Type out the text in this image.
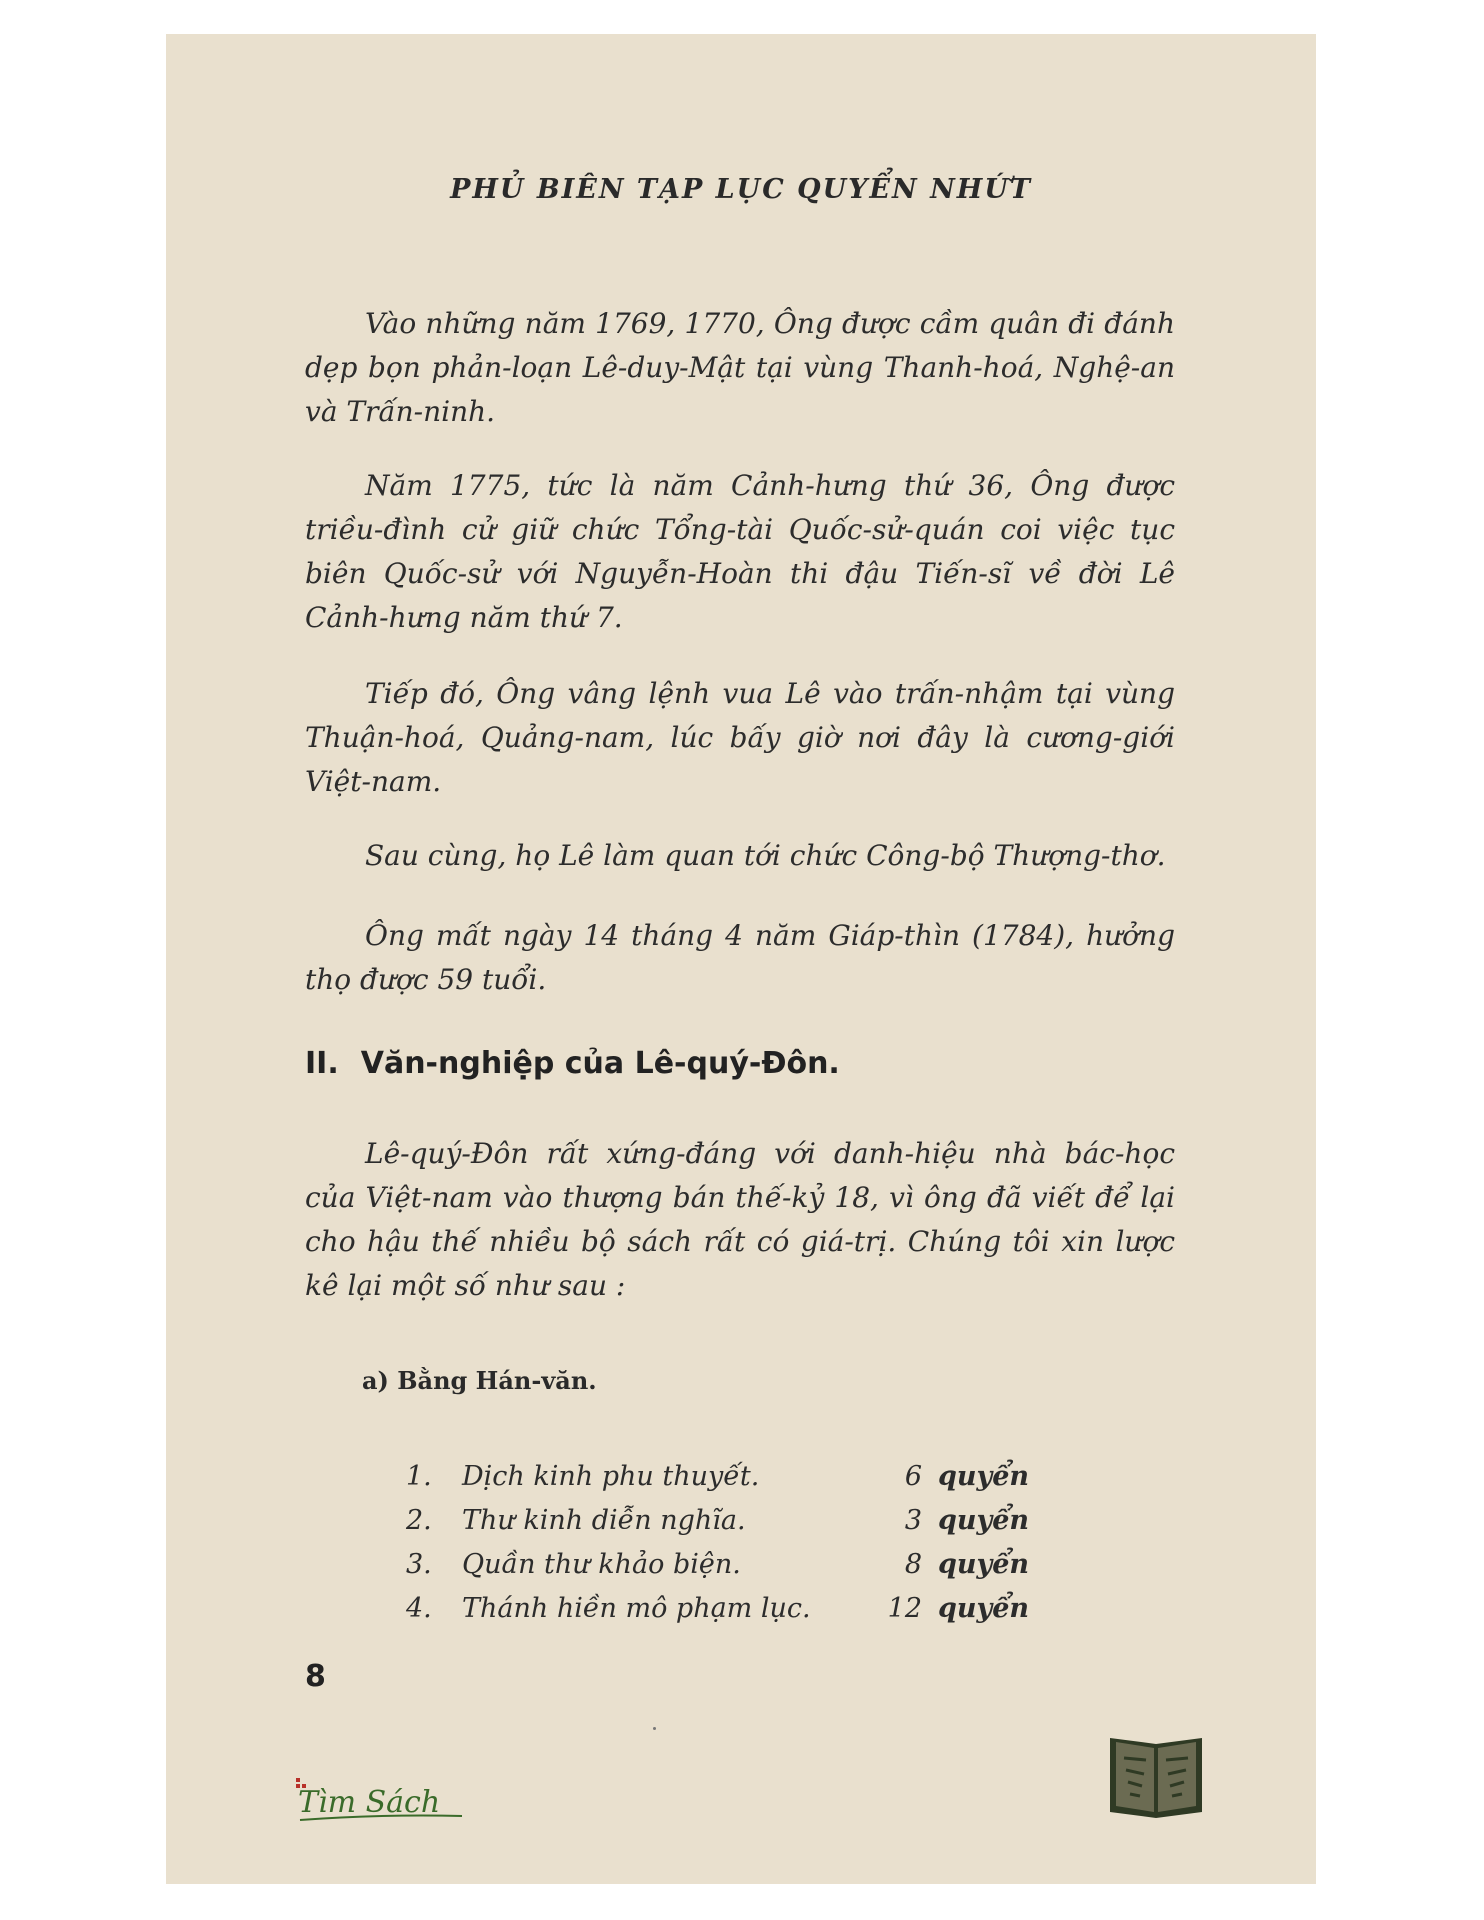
PHỦ BIÊN TẠP LỤC QUYỂN NHỨT

Vào những năm 1769, 1770, Ông được cầm quân đi đánh dẹp bọn phản-loạn Lê-duy-Mật tại vùng Thanh-hoá, Nghệ-an và Trấn-ninh.

Năm 1775, tức là năm Cảnh-hưng thứ 36, Ông được triều-đình cử giữ chức Tổng-tài Quốc-sử-quán coi việc tục biên Quốc-sử với Nguyễn-Hoàn thi đậu Tiến-sĩ về đời Lê Cảnh-hưng năm thứ 7.

Tiếp đó, Ông vâng lệnh vua Lê vào trấn-nhậm tại vùng Thuận-hoá, Quảng-nam, lúc bấy giờ nơi đây là cương-giới Việt-nam.

Sau cùng, họ Lê làm quan tới chức Công-bộ Thượng-thơ.

Ông mất ngày 14 tháng 4 năm Giáp-thìn (1784), hưởng thọ được 59 tuổi.

II. Văn-nghiệp của Lê-quý-Đôn.

Lê-quý-Đôn rất xứng-đáng với danh-hiệu nhà bác-học của Việt-nam vào thượng bán thế-kỷ 18, vì ông đã viết để lại cho hậu thế nhiều bộ sách rất có giá-trị. Chúng tôi xin lược kê lại một số như sau :

a) Bằng Hán-văn.
1.	Dịch kinh phu thuyết.	6 quyển
2.	Thư kinh diễn nghĩa.	3 quyển
3.	Quần thư khảo biện.	8 quyển
4.	Thánh hiền mô phạm lục.	12 quyển
8
Tìm Sách
